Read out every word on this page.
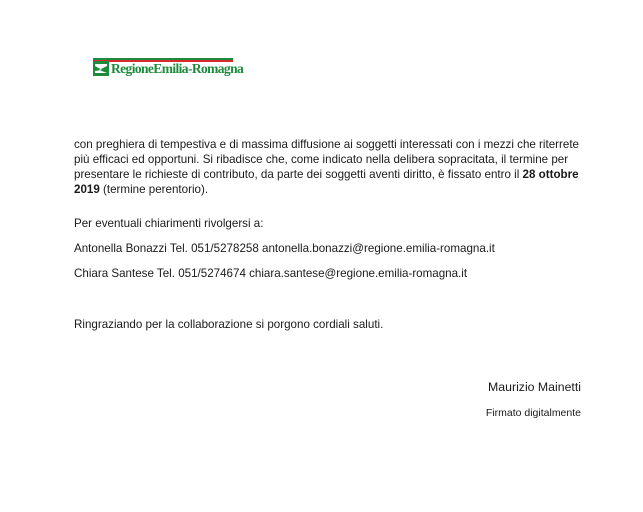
RegioneEmilia-Romagna
con preghiera di tempestiva e di massima diffusione ai soggetti interessati con i mezzi che riterrete
più efficaci ed opportuni. Si ribadisce che, come indicato nella delibera sopracitata, il termine per
presentare le richieste di contributo, da parte dei soggetti aventi diritto, è fissato entro il 28 ottobre
2019 (termine perentorio).

Per eventuali chiarimenti rivolgersi a:

Antonella Bonazzi Tel. 051/5278258 antonella.bonazzi@regione.emilia-romagna.it

Chiara Santese Tel. 051/5274674 chiara.santese@regione.emilia-romagna.it

Ringraziando per la collaborazione si porgono cordiali saluti.

Maurizio Mainetti
Firmato digitalmente
